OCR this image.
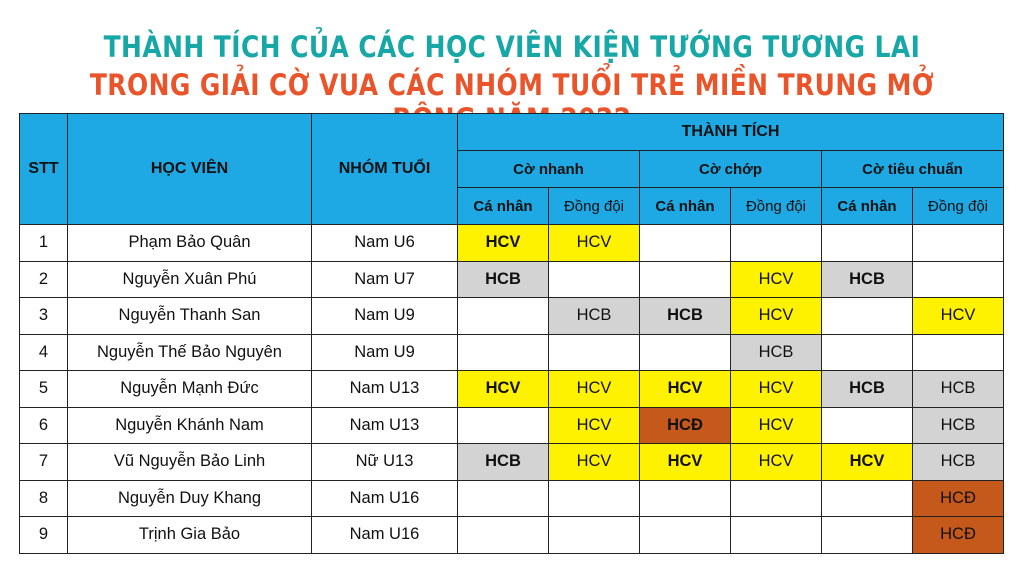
THÀNH TÍCH CỦA CÁC HỌC VIÊN KIỆN TƯỚNG TƯƠNG LAI
TRONG GIẢI CỜ VUA CÁC NHÓM TUỔI TRẺ MIỀN TRUNG MỞ
STT	HỌC VIÊN	NHÓM TUỔI	THÀNH TÍCH					
			Cờ nhanh		Cờ chớp		Cờ tiêu chuẩn	
			Cá nhân	Đồng đội	Cá nhân	Đồng đội	Cá nhân	Đồng đội
1	Phạm Bảo Quân	Nam U6	HCV	HCV				
2	Nguyễn Xuân Phú	Nam U7	HCB			HCV	HCB	
3	Nguyễn Thanh San	Nam U9		HCB	HCB	HCV		HCV
4	Nguyễn Thế Bảo Nguyên	Nam U9				HCB		
5	Nguyễn Mạnh Đức	Nam U13	HCV	HCV	HCV	HCV	HCB	HCB
6	Nguyễn Khánh Nam	Nam U13		HCV	HCĐ	HCV		HCB
7	Vũ Nguyễn Bảo Linh	Nữ U13	HCB	HCV	HCV	HCV	HCV	HCB
8	Nguyễn Duy Khang	Nam U16						HCĐ
9	Trịnh Gia Bảo	Nam U16						HCĐ
